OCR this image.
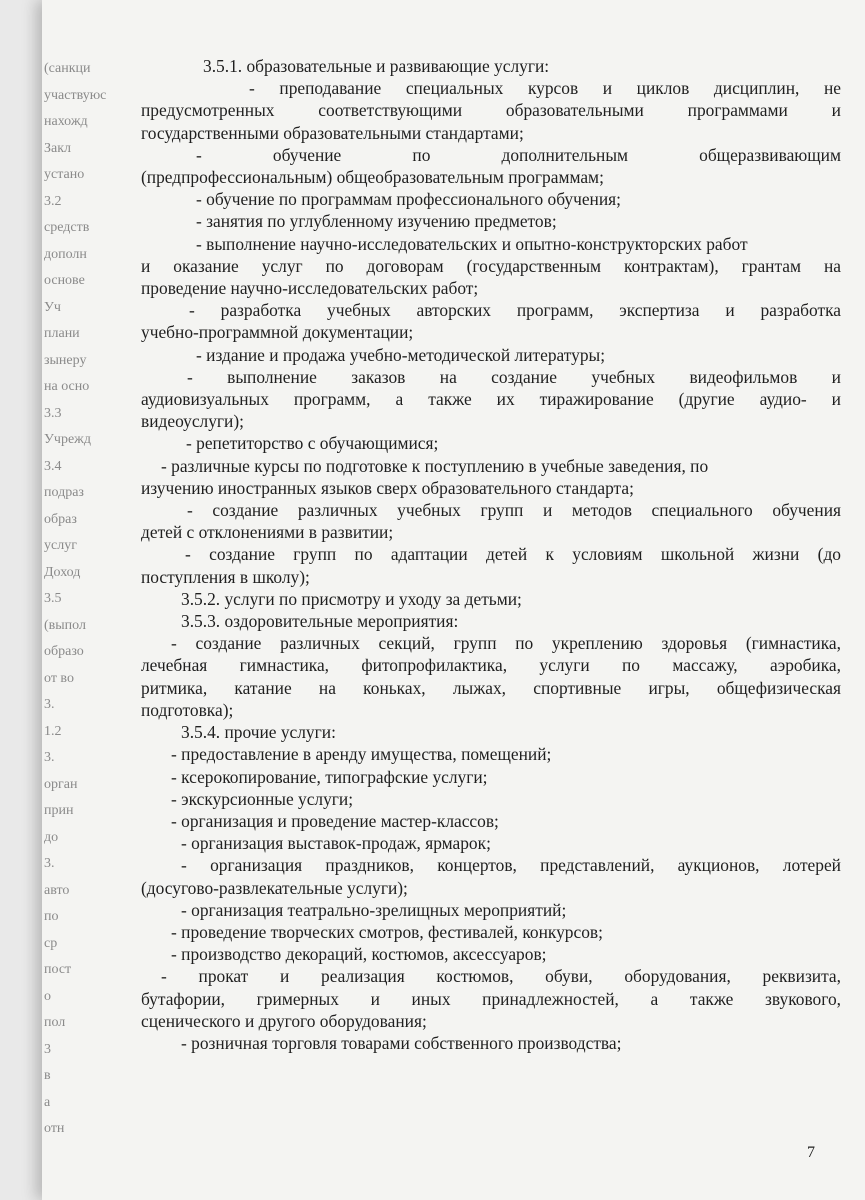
(санкци
участвуюс
нахожд
Закл
устано
3.2
средств
дополн
основе
Уч
плани
зынеру
на осно
3.3
Учрежд
3.4
подраз
образ
услуг
Доход
3.5
(выпол
образо
от во
3.
1.2
3.
орган
прин
до
3.
авто
по
ср
пост
о
пол
3
в
а
отн
3.5.1. образовательные и развивающие услуги:
- преподавание специальных курсов и циклов дисциплин, не
предусмотренных соответствующими образовательными программами и
государственными образовательными стандартами;
- обучение по дополнительным общеразвивающим
(предпрофессиональным) общеобразовательным программам;
- обучение по программам профессионального обучения;
- занятия по углубленному изучению предметов;
- выполнение научно-исследовательских и опытно-конструкторских работ
и оказание услуг по договорам (государственным контрактам), грантам на
проведение научно-исследовательских работ;
- разработка учебных авторских программ, экспертиза и разработка
учебно-программной документации;
- издание и продажа учебно-методической литературы;
- выполнение заказов на создание учебных видеофильмов и
аудиовизуальных программ, а также их тиражирование (другие аудио- и
видеоуслуги);
- репетиторство с обучающимися;
- различные курсы по подготовке к поступлению в учебные заведения, по
изучению иностранных языков сверх образовательного стандарта;
- создание различных учебных групп и методов специального обучения
детей с отклонениями в развитии;
- создание групп по адаптации детей к условиям школьной жизни (до
поступления в школу);
3.5.2. услуги по присмотру и уходу за детьми;
3.5.3. оздоровительные мероприятия:
- создание различных секций, групп по укреплению здоровья (гимнастика,
лечебная гимнастика, фитопрофилактика, услуги по массажу, аэробика,
ритмика, катание на коньках, лыжах, спортивные игры, общефизическая
подготовка);
3.5.4. прочие услуги:
- предоставление в аренду имущества, помещений;
- ксерокопирование, типографские услуги;
- экскурсионные услуги;
- организация и проведение мастер-классов;
- организация выставок-продаж, ярмарок;
- организация праздников, концертов, представлений, аукционов, лотерей
(досугово-развлекательные услуги);
- организация театрально-зрелищных мероприятий;
- проведение творческих смотров, фестивалей, конкурсов;
- производство декораций, костюмов, аксессуаров;
- прокат и реализация костюмов, обуви, оборудования, реквизита,
бутафории, гримерных и иных принадлежностей, а также звукового,
сценического и другого оборудования;
- розничная торговля товарами собственного производства;
7
